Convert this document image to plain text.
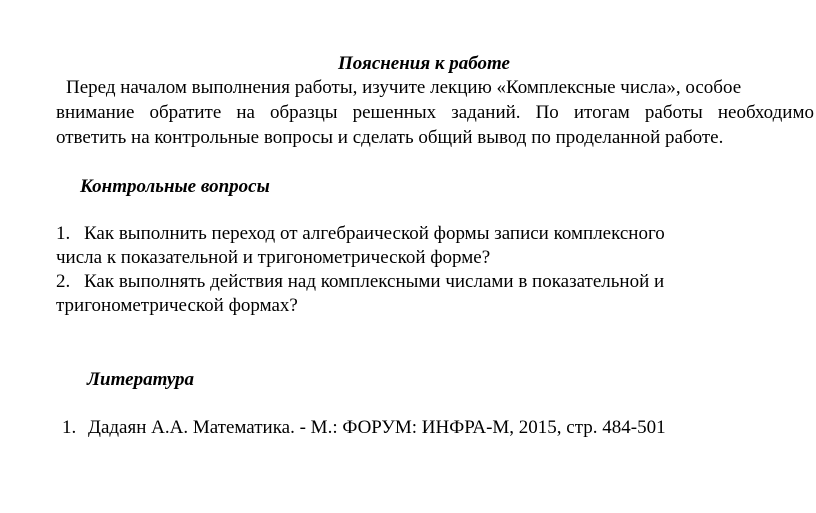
Пояснения к работе
Перед началом выполнения работы, изучите лекцию «Комплексные числа», особое
внимание обратите на образцы решенных заданий. По итогам работы необходимо
ответить на контрольные вопросы и сделать общий вывод по проделанной работе.
Контрольные вопросы
1. Как выполнить переход от алгебраической формы записи комплексного
числа к показательной и тригонометрической форме?
2. Как выполнять действия над комплексными числами в показательной и
тригонометрической формах?
Литература
1. Дадаян А.А. Математика. - М.: ФОРУМ: ИНФРА-М, 2015, стр. 484-501
